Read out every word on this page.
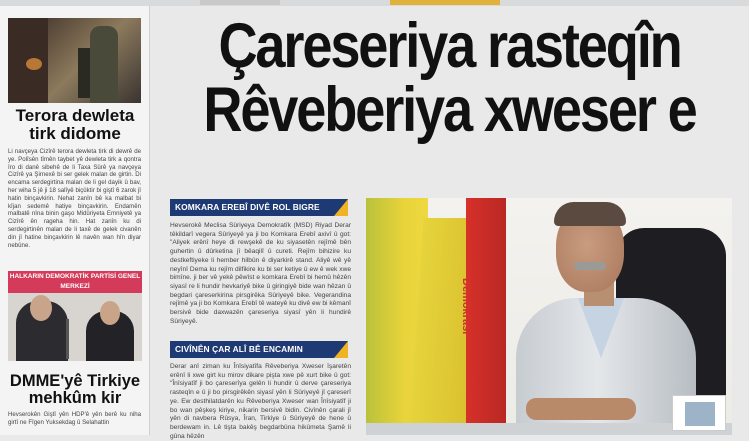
Terora dewleta tirk didome
Li navçeya Cizîrê terora dewleta tirk di dewrê de ye. Polîsên tîmên taybet yê dewleta tirk a qontra îro di danê sibehê de li Taxa Sûrê ya navçeya Cizîrê ya Şirnexê bi ser gelek malan de girtin. Di encama serdegirtina malan de li gel dayik û bav, her wiha 5 jê ji 18 salîyê biçûktir bi giştî 6 zarok jî hatin binçavkirin. Nehat zanîn bê ka malbat bi kîjan sedemê hatiye binçavkirin. Endamên malbatê nîna binin gaşo Midûriyeta Emniyetê ya Cizîrê ên rageha hin. Hat zanîn ku di serdegirtinên malan de li taxê de gelek civanên din jî hatine binçavkirin lê navên wan hîn diyar nebûne.
HALKARIN DEMOKRATİK PARTİSİ GENEL MERKEZİ
DMME'yê Tirkiye mehkûm kir
Hevserokên Giştî yên HDP'ê yên berê ku niha girtî ne Fîgen Yuksekdag û Selahattin
Çareseriya rasteqîn
Rêveberiya xweser e
KOMKARA EREBÎ DIVÊ ROL BIGRE
Hevserokê Meclisa Sûriyeya Demokratîk (MSD) Riyad Derar têkildarî vegera Sûriyeyê ya ji bo Komkara Erebî axivî û got: "Aliyek erênî heye di rewşekê de ku siyasetên rejîmê bên guhertin û dûrketina jî bêaqilî û cureti. Rejîm bihizire ku destkeftiyeke li hember hilbûn ê diyarkirê stand. Aliyê wê yê neyînî Dema ku rejîm dilfikire ku bi ser ketiye û ew ê wek xwe bimîne. ji ber vê yekê pêwîst e komkara Erebî bi hemû hêzên siyasî re li hundir hevkariyê bike û giringiyê bide wan hêzan û begdari çareserkirina pirsgirêka Sûriyeyê bike. Vegerandina rejîmê ya ji bo Komkara Erebî tê wateyê ku divê ew bi kêmanî bersivê bide daxwazên çareseriya siyasî yên li hundirê Sûriyeyê.
CIVÎNÊN ÇAR ALÎ BÊ ENCAMIN
Derar anî ziman ku Înîsiyatîfa Rêveberiya Xweser îşaretên erênî li xwe girt ku mirov dikare pişta xwe pê xurt bike û got: "Înîsiyatîf ji bo çareserîya gelên li hundir û derve çareseriya rasteqîn e û ji bo pirsgirêkên siyasî yên li Sûriyeyê jî çareserî ye. Ew desthilatdarên ku Rêveberiya Xweser wan Înîsiyatîf ji bo wan pêşkeş kiriye, nikarin bersivê bidin. Civînên çarali jî yên di navbera Rûsya, Îran, Tirkiye û Sûriyeyê de hene û berdewam in. Lê tişta bakêş begdarbûna hikûmeta Şamê li gûna hêzên
